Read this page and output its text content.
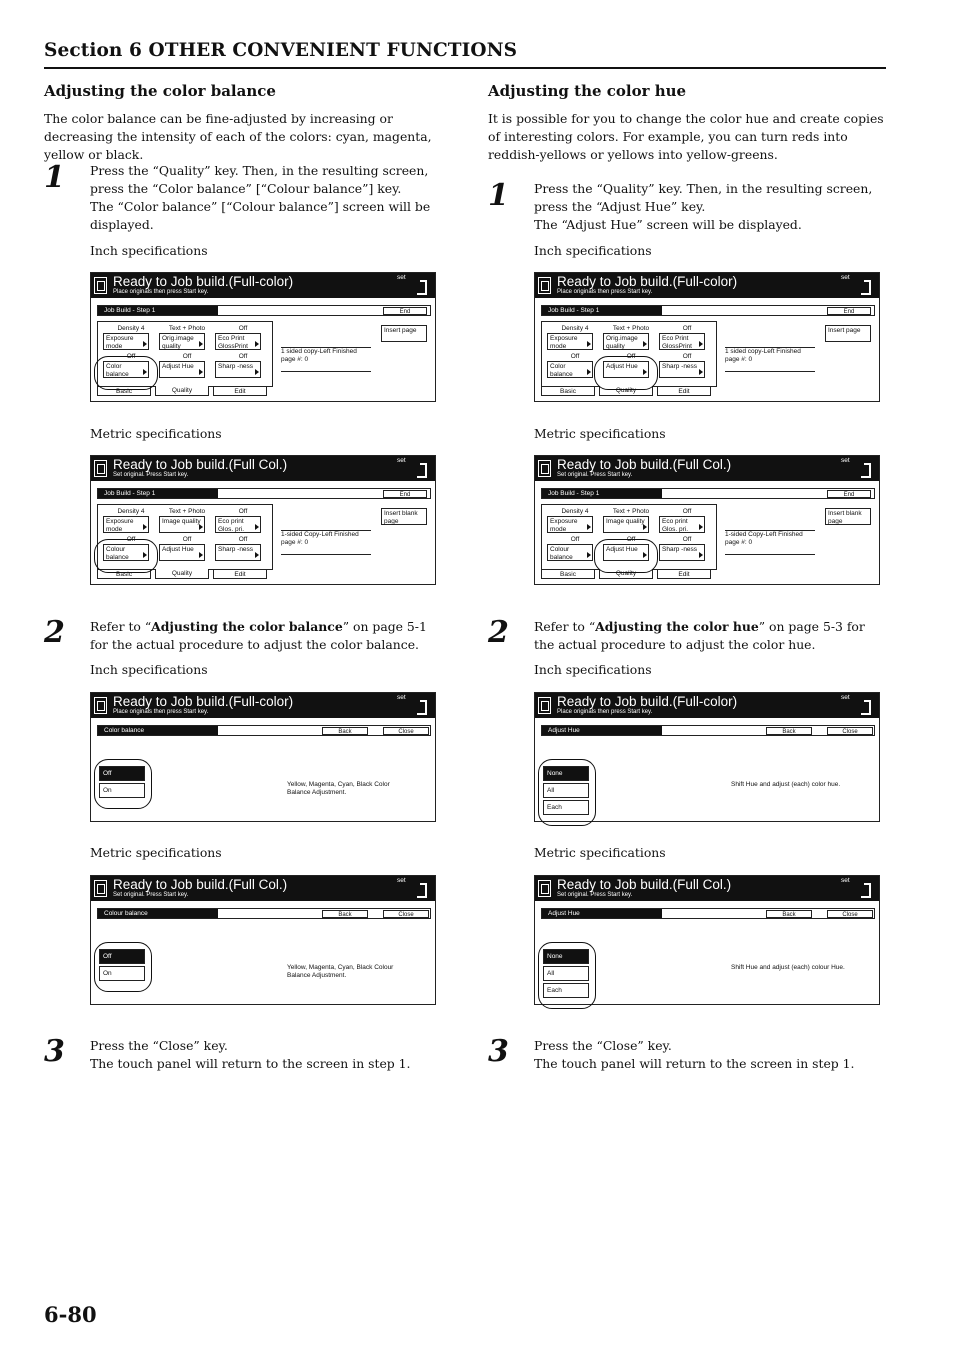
Section 6 OTHER CONVENIENT FUNCTIONS
Adjusting the color balance
The color balance can be fine-adjusted by increasing or decreasing the intensity of each of the colors: cyan, magenta, yellow or black.
1 Press the “Quality” key. Then, in the resulting screen, press the “Color balance” [“Colour balance”] key.
The “Color balance” [“Colour balance”] screen will be displayed.
Inch specifications
Ready to Job build.(Full-color)
Place originals then press Start key.
set
Job Build - Step 1	End
Density 4	Text + Photo	Off
Off	Off	Off
Exposure mode
Orig.image quality
Eco Print GlossPrint
Color balance
Adjust Hue	Sharp -ness
Basic	Quality	Edit
1 sided copy-Left Finished page #: 0
Insert page
Metric specifications
Ready to Job build.(Full Col.)
Set original. Press Start key.
set
Job Build - Step 1	End
Density 4	Text + Photo	Off
Off	Off	Off
Exposure mode
Image quality	Eco print Glos. pri.
Colour balance
Adjust Hue	Sharp -ness
Basic	Quality	Edit
1-sided Copy-Left Finished page #: 0
Insert blank page
2 Refer to “Adjusting the color balance” on page 5-1 for the actual procedure to adjust the color balance.
Inch specifications
Ready to Job build.(Full-color)
Place originals then press Start key.
set
Color balance	Back	Close
Off
On
Yellow, Magenta, Cyan, Black Color Balance Adjustment.
Metric specifications
Ready to Job build.(Full Col.)
Set original. Press Start key.
set
Colour balance	Back	Close
Off
On
Yellow, Magenta, Cyan, Black Colour Balance Adjustment.
3 Press the “Close” key.
The touch panel will return to the screen in step 1.
Adjusting the color hue
It is possible for you to change the color hue and create copies of interesting colors. For example, you can turn reds into reddish-yellows or yellows into yellow-greens.
1 Press the “Quality” key. Then, in the resulting screen, press the “Adjust Hue” key.
The “Adjust Hue” screen will be displayed.
Inch specifications
Ready to Job build.(Full-color)
Place originals then press Start key.
set
Job Build - Step 1	End
Density 4	Text + Photo	Off
Off	Off	Off
Exposure mode
Orig.image quality
Eco Print GlossPrint
Color balance
Adjust Hue	Sharp -ness
Basic	Quality	Edit
1 sided copy-Left Finished page #: 0
Insert page
Metric specifications
Ready to Job build.(Full Col.)
Set original. Press Start key.
set
Job Build - Step 1	End
Density 4	Text + Photo	Off
Off	Off	Off
Exposure mode
Image quality	Eco print Glos. pri.
Colour balance
Adjust Hue	Sharp -ness
Basic	Quality	Edit
1-sided Copy-Left Finished page #: 0
Insert blank page
2 Refer to “Adjusting the color hue” on page 5-3 for the actual procedure to adjust the color hue.
Inch specifications
Ready to Job build.(Full-color)
Place originals then press Start key.
set
Adjust Hue	Back	Close
None
All
Each
Shift Hue and adjust (each) color hue.
Metric specifications
Ready to Job build.(Full Col.)
Set original. Press Start key.
set
Adjust Hue	Back	Close
None
All
Each
Shift Hue and adjust (each) colour Hue.
3 Press the “Close” key.
The touch panel will return to the screen in step 1.
6-80
